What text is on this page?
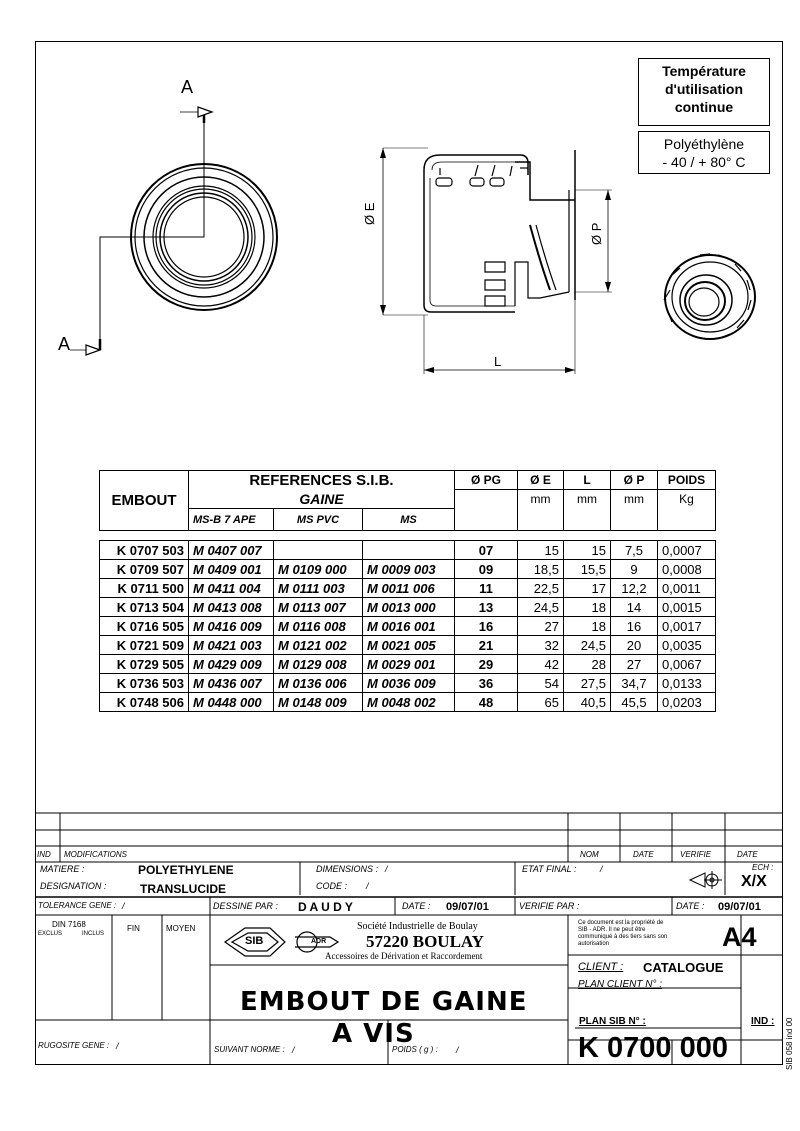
Température
d'utilisation
continue
Polyéthylène
- 40 / + 80° C
A
A
Ø E
Ø P
L
EMBOUT	REFERENCES S.I.B.			Ø PG	Ø E	L	Ø P	POIDS
	GAINE				mm	mm	mm	Kg
	MS-B 7 APE	MS PVC	MS					

K 0707 503	M 0407 007			07	15	15	7,5	0,0007
K 0709 507	M 0409 001	M 0109 000	M 0009 003	09	18,5	15,5	9	0,0008
K 0711 500	M 0411 004	M 0111 003	M 0011 006	11	22,5	17	12,2	0,0011
K 0713 504	M 0413 008	M 0113 007	M 0013 000	13	24,5	18	14	0,0015
K 0716 505	M 0416 009	M 0116 008	M 0016 001	16	27	18	16	0,0017
K 0721 509	M 0421 003	M 0121 002	M 0021 005	21	32	24,5	20	0,0035
K 0729 505	M 0429 009	M 0129 008	M 0029 001	29	42	28	27	0,0067
K 0736 503	M 0436 007	M 0136 006	M 0036 009	36	54	27,5	34,7	0,0133
K 0748 506	M 0448 000	M 0148 009	M 0048 002	48	65	40,5	45,5	0,0203
IND MODIFICATIONS	NOM	DATE	VERIFIE	DATE
MATIERE :	POLYETHYLENE
DESIGNATION :	TRANSLUCIDE
DIMENSIONS : /
CODE : /
ETAT FINAL :	/	ECH :
X/X
TOLERANCE GENE : /	DESSINE PAR : D A U D Y	DATE : 09/07/01	VERIFIE PAR :	DATE : 09/07/01
DIN 7168
EXCLUS	INCLUS
FIN	MOYEN	Société Industrielle de Boulay
57220 BOULAY
Accessoires de Dérivation et Raccordement
SIB	ADR
Ce document est la propriété de
SIB - ADR. Il ne peut être
communiqué à des tiers sans son
autorisation	A4
CLIENT : CATALOGUE
PLAN CLIENT N° :
EMBOUT DE GAINE
A VIS	PLAN SIB N° :
K 0700 000
IND : SIB 058 ind 00
RUGOSITE GENE : /	SUIVANT NORME : /	POIDS ( g ) : /
